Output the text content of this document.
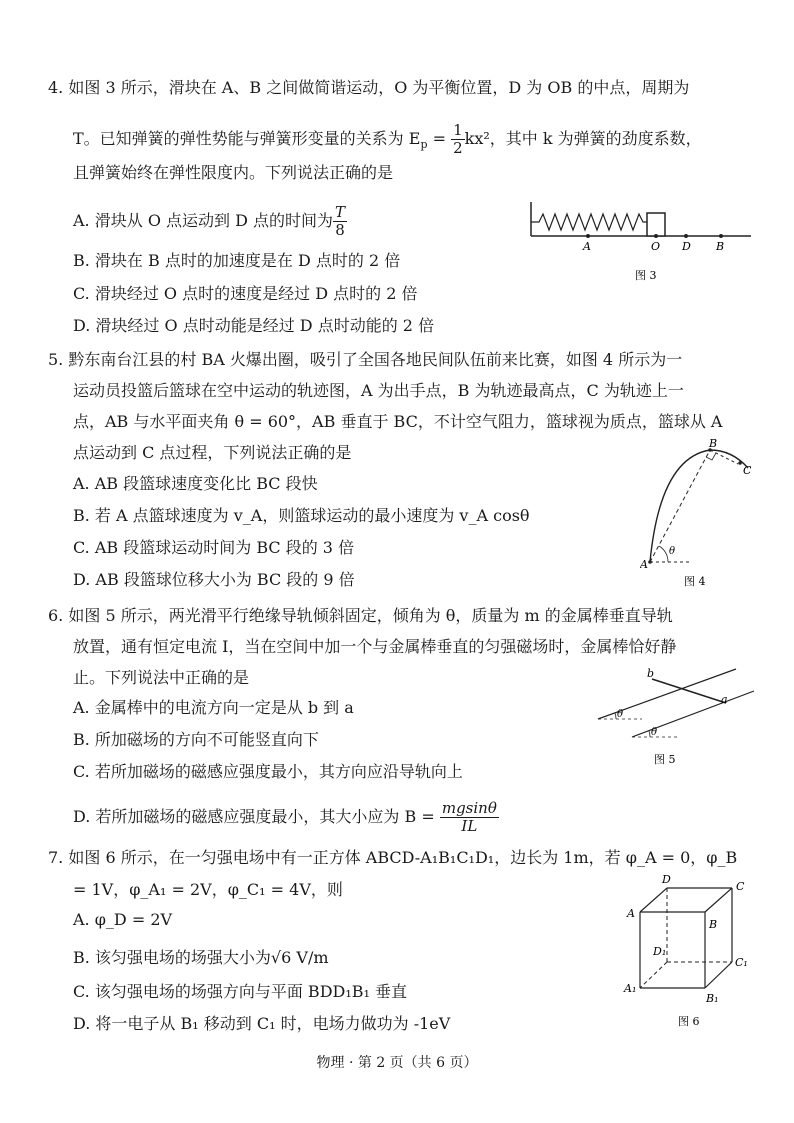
4. 如图 3 所示，滑块在 A、B 之间做简谐运动，O 为平衡位置，D 为 OB 的中点，周期为
T。已知弹簧的弹性势能与弹簧形变量的关系为 $E_p = \frac{1}{2} kx^2$，其中 k 为弹簧的劲度系数，
且弹簧始终在弹性限度内。下列说法正确的是
A. 滑块从 O 点运动到 D 点的时间为 $\frac{T}{8}$
B. 滑块在 B 点时的加速度是在 D 点时的 2 倍
C. 滑块经过 O 点时的速度是经过 D 点时的 2 倍
D. 滑块经过 O 点时动能是经过 D 点时动能的 2 倍
A	O D B
图 3
5. 黔东南台江县的村 BA 火爆出圈，吸引了全国各地民间队伍前来比赛，如图 4 所示为一
运动员投篮后篮球在空中运动的轨迹图，A 为出手点，B 为轨迹最高点，C 为轨迹上一
点，AB 与水平面夹角 θ = 60°，AB 垂直于 BC，不计空气阻力，篮球视为质点，篮球从 A
点运动到 C 点过程，下列说法正确的是
A. AB 段篮球速度变化比 BC 段快
B. 若 A 点篮球速度为 v_A，则篮球运动的最小速度为 v_A cosθ
C. AB 段篮球运动时间为 BC 段的 3 倍
D. AB 段篮球位移大小为 BC 段的 9 倍
A
B
C
θ
图 4
6. 如图 5 所示，两光滑平行绝缘导轨倾斜固定，倾角为 θ，质量为 m 的金属棒垂直导轨
放置，通有恒定电流 I，当在空间中加一个与金属棒垂直的匀强磁场时，金属棒恰好静
止。下列说法中正确的是
A. 金属棒中的电流方向一定是从 b 到 a
B. 所加磁场的方向不可能竖直向下
C. 若所加磁场的磁感应强度最小，其方向应沿导轨向上
D. 若所加磁场的磁感应强度最小，其大小应为 $B = \frac{mgsin\theta}{IL}$
b
a
θ
θ
图 5
7. 如图 6 所示，在一匀强电场中有一正方体 ABCD-A₁B₁C₁D₁，边长为 1m，若 φ_A = 0，φ_B
= 1V，φ_A₁ = 2V，φ_C₁ = 4V，则
A. φ_D = 2V
B. 该匀强电场的场强大小为√6 V/m
C. 该匀强电场的场强方向与平面 BDD₁B₁ 垂直
D. 将一电子从 B₁ 移动到 C₁ 时，电场力做功为 -1eV
D
C
A
B
D₁
C₁
A₁
B₁
图 6
物理 · 第 2 页（共 6 页）
